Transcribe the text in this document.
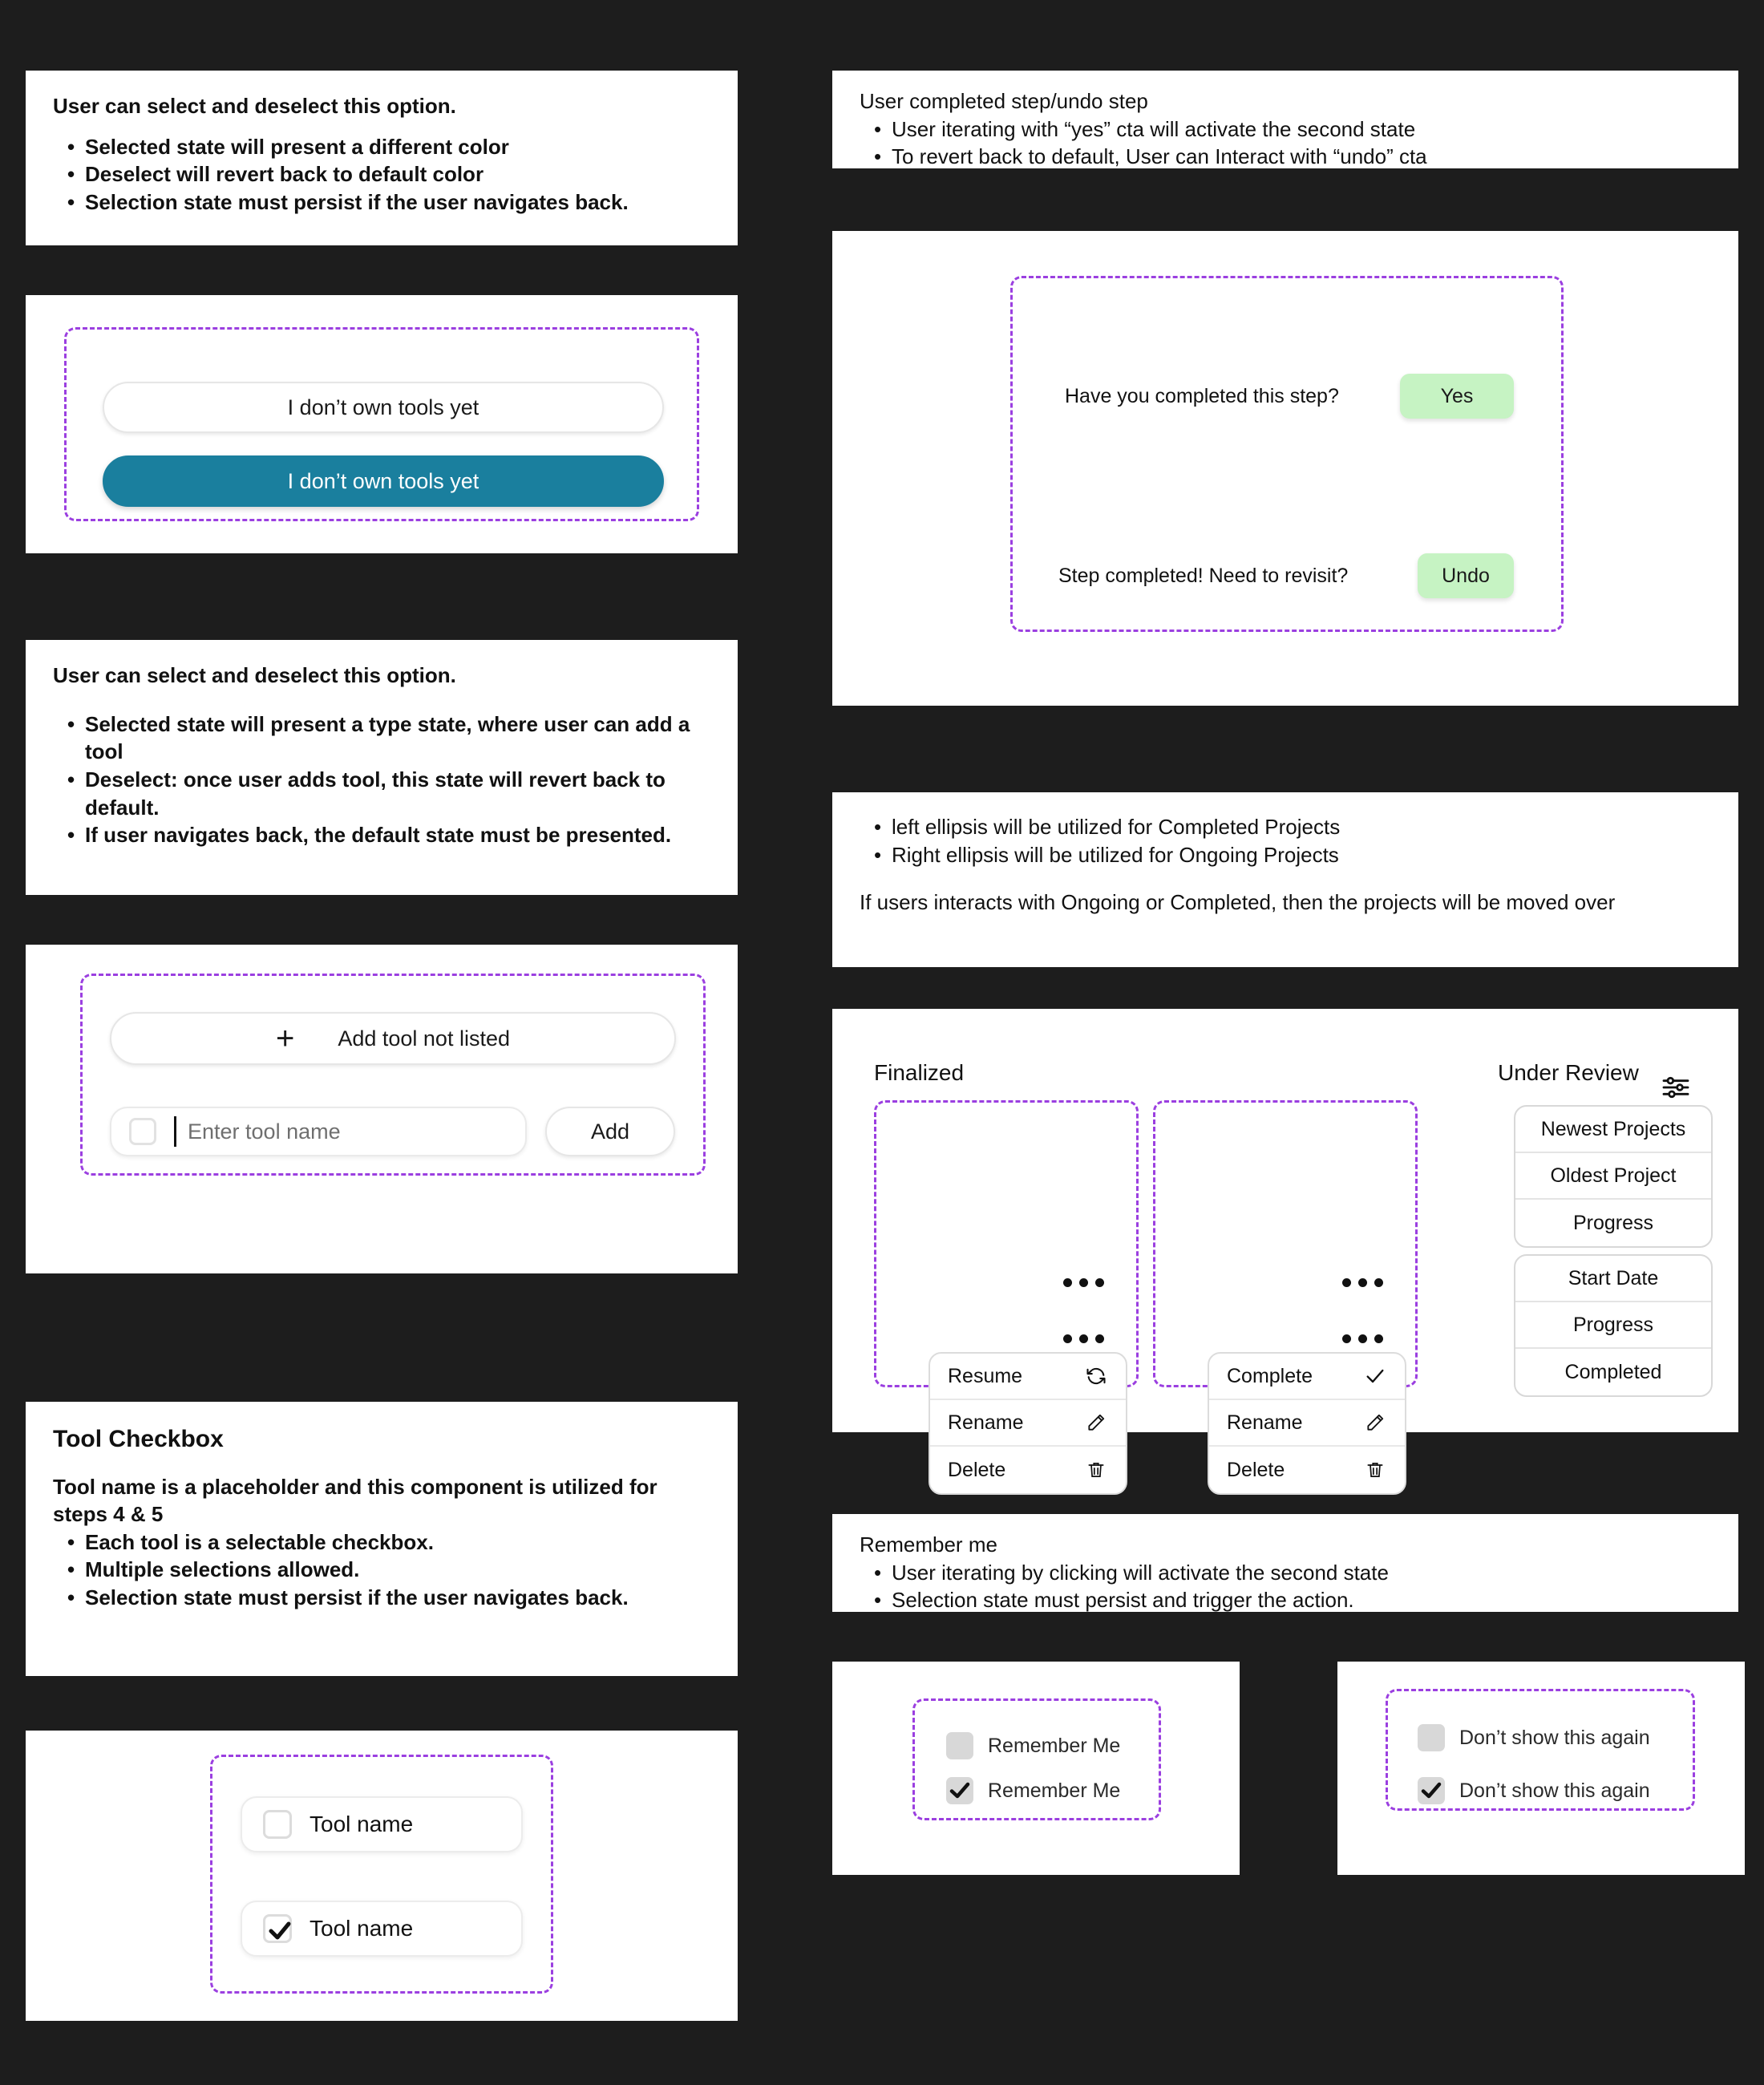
User can select and deselect this option.
• Selected state will present a different color
• Deselect will revert back to default color
• Selection state must persist if the user navigates back.
I don’t own tools yet
I don’t own tools yet
User can select and deselect this option.
• Selected state will present a type state, where user can add a tool
• Deselect: once user adds tool, this state will revert back to default.
• If user navigates back, the default state must be presented.
+ Add tool not listed
Enter tool name	Add
Tool Checkbox
Tool name is a placeholder and this component is utilized for steps 4 & 5
• Each tool is a selectable checkbox.
• Multiple selections allowed.
• Selection state must persist if the user navigates back.
Tool name
Tool name
User completed step/undo step
• User iterating with “yes” cta will activate the second state
• To revert back to default, User can Interact with “undo” cta
Have you completed this step?	Yes
Step completed! Need to revisit?	Undo
• left ellipsis will be utilized for Completed Projects
• Right ellipsis will be utilized for Ongoing Projects
If users interacts with Ongoing or Completed, then the projects will be moved over
Finalized	Under Review
Resume
Rename
Delete
Complete
Rename
Delete
Newest Projects
Oldest Project
Progress
Start Date
Progress
Completed
Remember me
• User iterating by clicking will activate the second state
• Selection state must persist and trigger the action.
Remember Me
Remember Me
Don’t show this again
Don’t show this again
